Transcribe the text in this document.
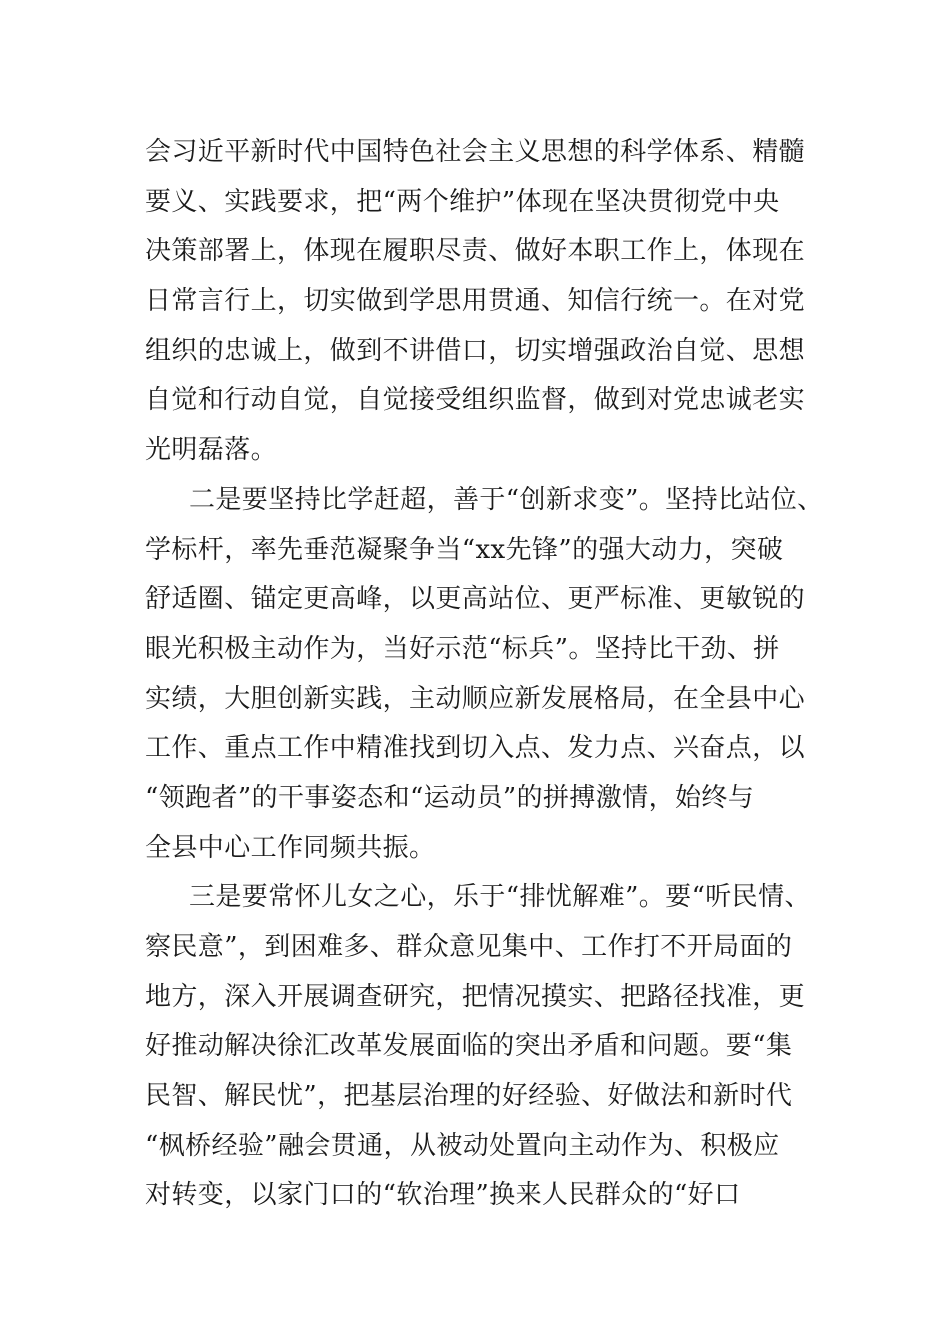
会习近平新时代中国特色社会主义思想的科学体系、精髓
要义、实践要求，把“两个维护”体现在坚决贯彻党中央
决策部署上，体现在履职尽责、做好本职工作上，体现在
日常言行上，切实做到学思用贯通、知信行统一。在对党
组织的忠诚上，做到不讲借口，切实增强政治自觉、思想
自觉和行动自觉，自觉接受组织监督，做到对党忠诚老实
光明磊落。
二是要坚持比学赶超，善于“创新求变”。坚持比站位、
学标杆，率先垂范凝聚争当“xx先锋”的强大动力，突破
舒适圈、锚定更高峰，以更高站位、更严标准、更敏锐的
眼光积极主动作为，当好示范“标兵”。坚持比干劲、拼
实绩，大胆创新实践，主动顺应新发展格局，在全县中心
工作、重点工作中精准找到切入点、发力点、兴奋点，以
“领跑者”的干事姿态和“运动员”的拼搏激情，始终与
全县中心工作同频共振。
三是要常怀儿女之心，乐于“排忧解难”。要“听民情、
察民意”，到困难多、群众意见集中、工作打不开局面的
地方，深入开展调查研究，把情况摸实、把路径找准，更
好推动解决徐汇改革发展面临的突出矛盾和问题。要“集
民智、解民忧”，把基层治理的好经验、好做法和新时代
“枫桥经验”融会贯通，从被动处置向主动作为、积极应
对转变，以家门口的“软治理”换来人民群众的“好口
